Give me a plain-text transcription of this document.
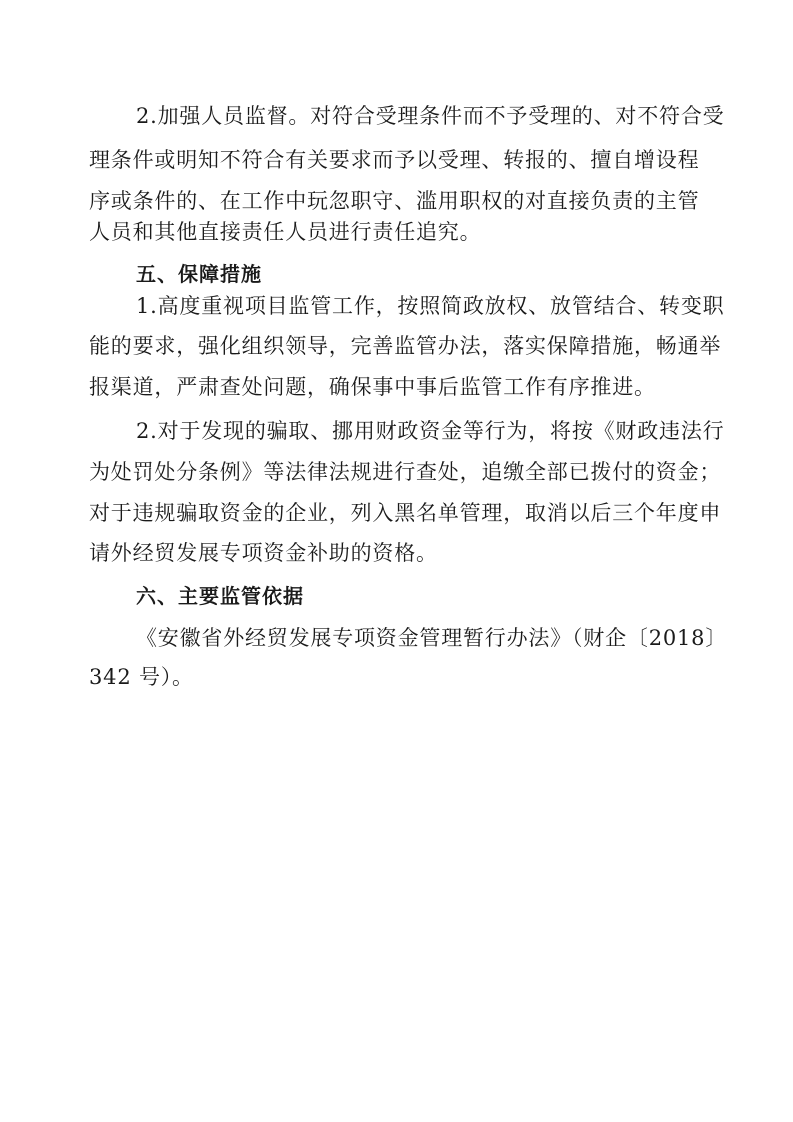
2.加强人员监督。对符合受理条件而不予受理的、对不符合受
理条件或明知不符合有关要求而予以受理、转报的、擅自增设程
序或条件的、在工作中玩忽职守、滥用职权的对直接负责的主管
人员和其他直接责任人员进行责任追究。
五、保障措施
1.高度重视项目监管工作，按照简政放权、放管结合、转变职
能的要求，强化组织领导，完善监管办法，落实保障措施，畅通举
报渠道，严肃查处问题，确保事中事后监管工作有序推进。
2.对于发现的骗取、挪用财政资金等行为，将按《财政违法行
为处罚处分条例》等法律法规进行查处，追缴全部已拨付的资金；
对于违规骗取资金的企业，列入黑名单管理，取消以后三个年度申
请外经贸发展专项资金补助的资格。
六、主要监管依据
《安徽省外经贸发展专项资金管理暂行办法》（财企〔2018〕
342 号）。
